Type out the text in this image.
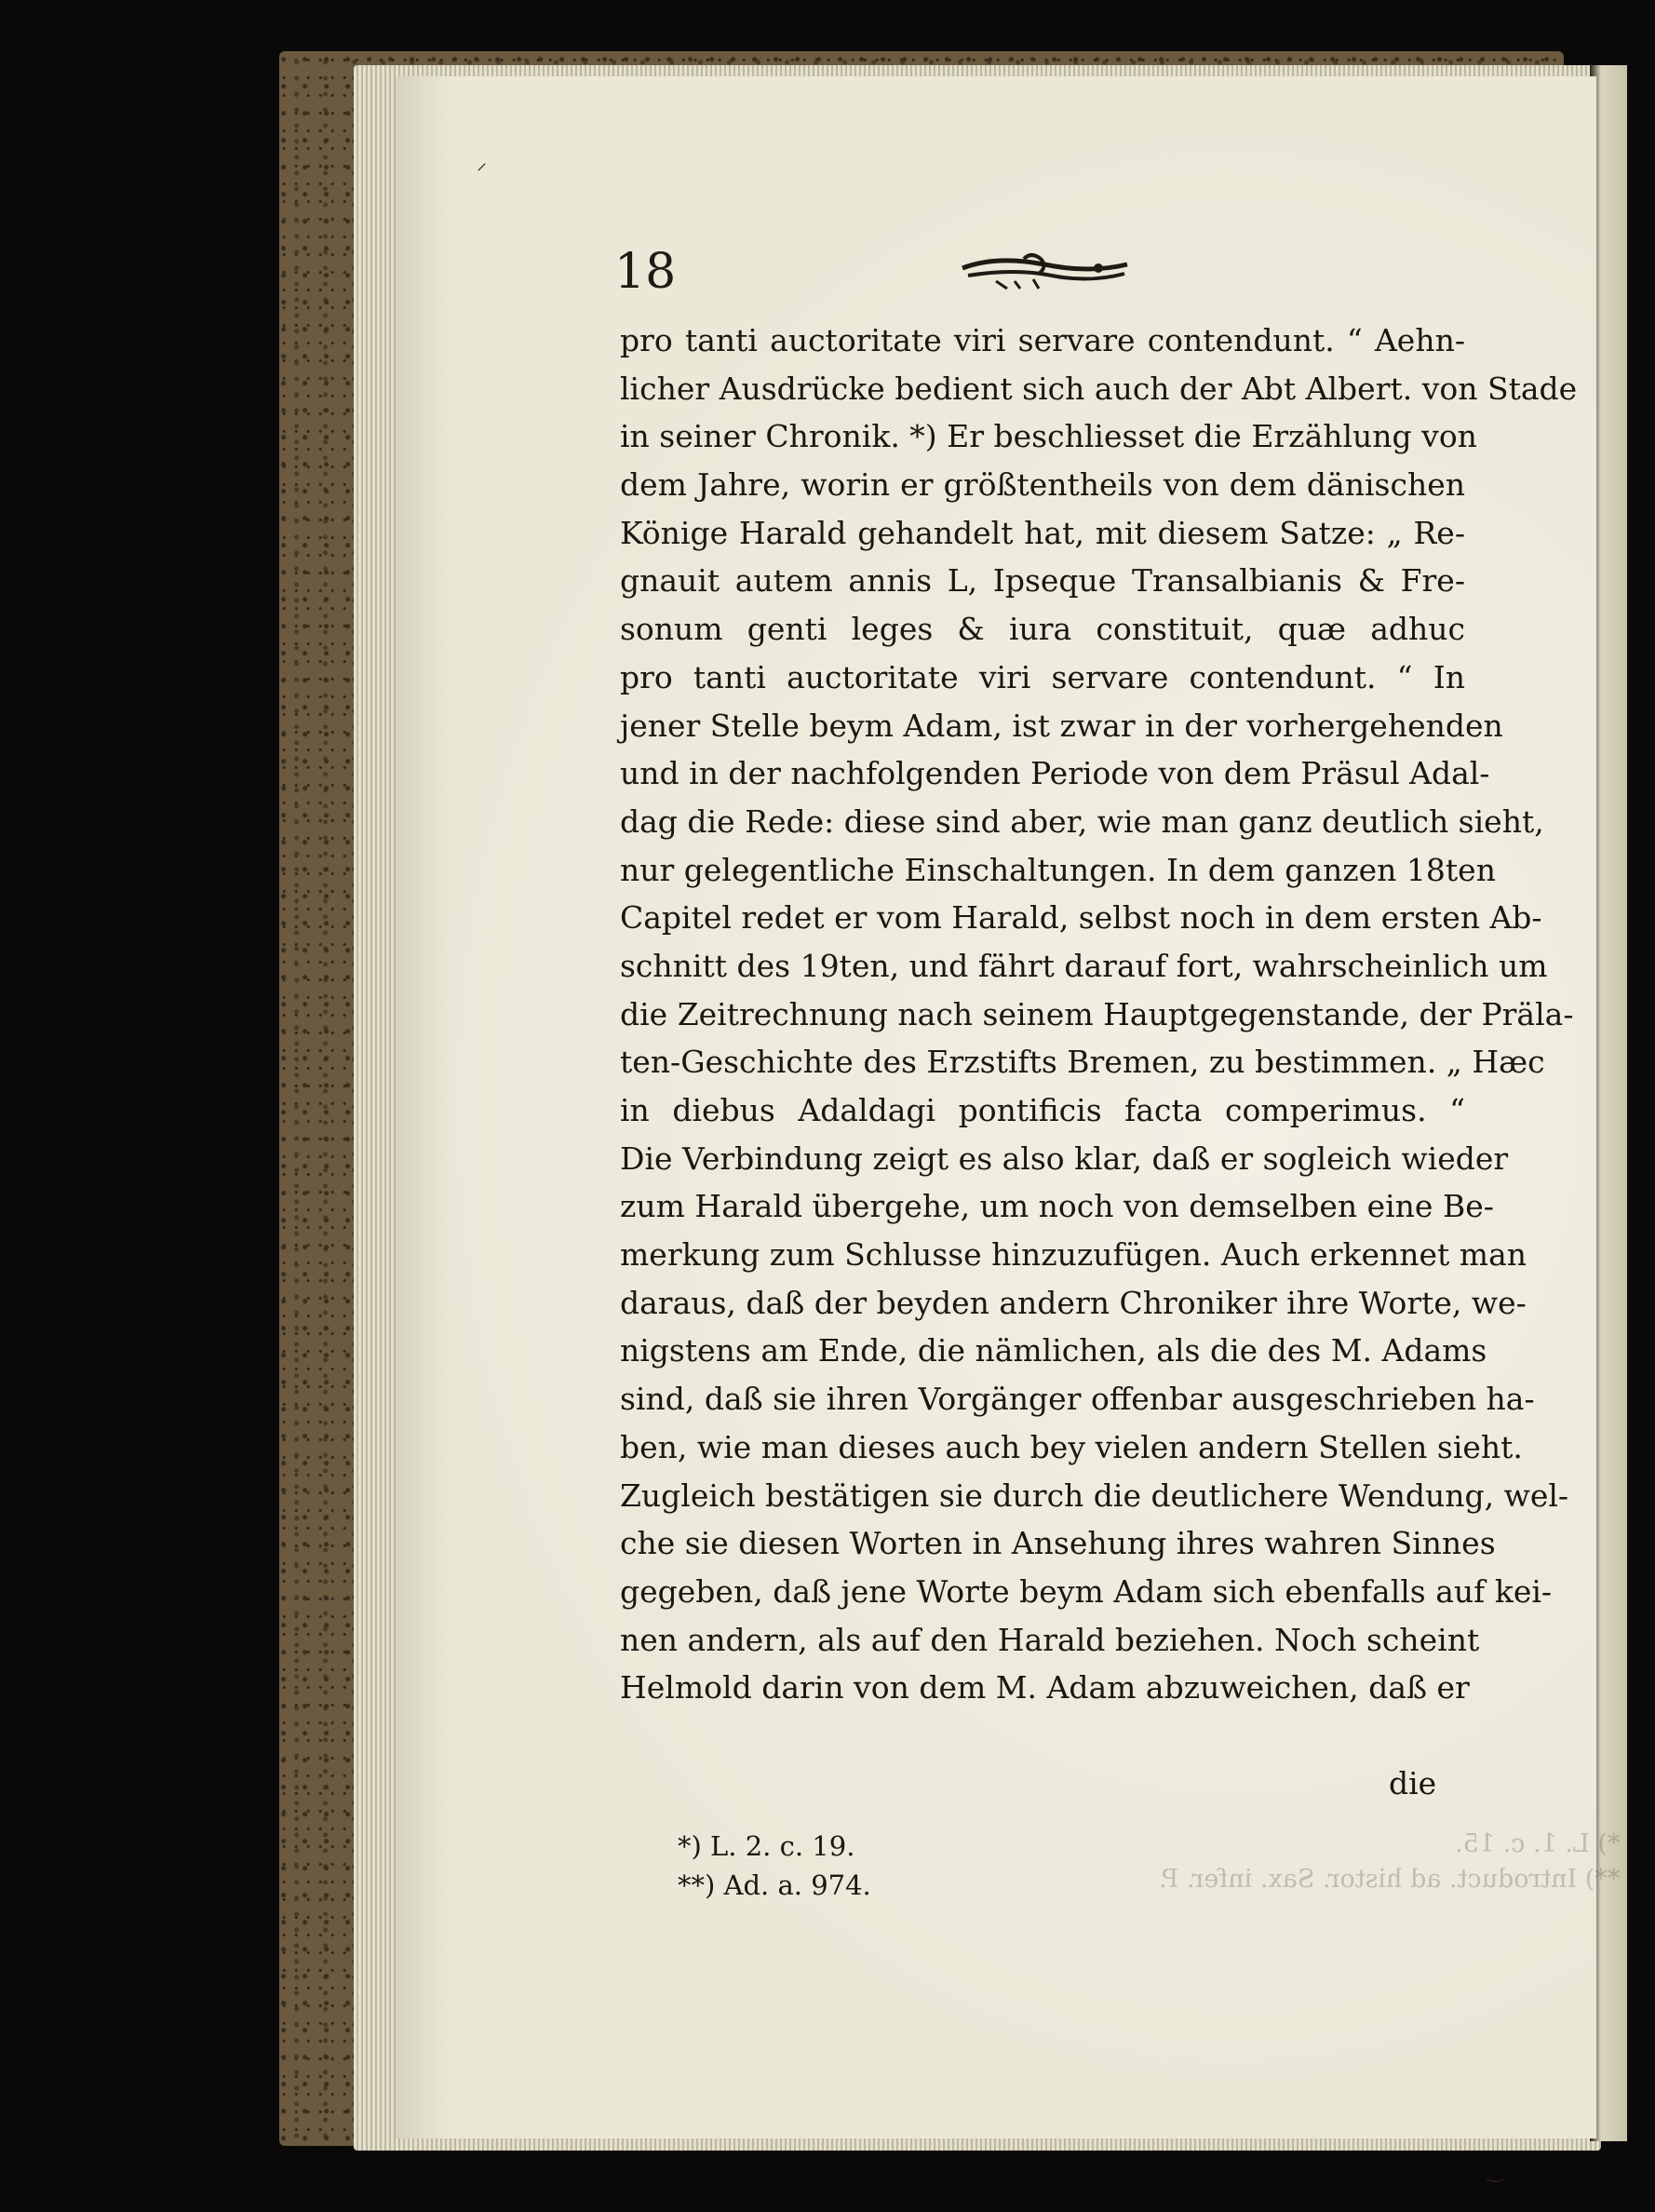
*) L. 1. c. 15.
**) Introduct. ad histor. Sax. infer. P.
18
pro tanti auctoritate viri servare contendunt. “ Aehn-
licher Ausdrücke bedient sich auch der Abt Albert. von Stade
in seiner Chronik. *) Er beschliesset die Erzählung von
dem Jahre, worin er größtentheils von dem dänischen
Könige Harald gehandelt hat, mit diesem Satze: „ Re-
gnauit autem annis L, Ipseque Transalbianis & Fre-
sonum genti leges & iura constituit, quæ adhuc
pro tanti auctoritate viri servare contendunt. “ In
jener Stelle beym Adam, ist zwar in der vorhergehenden
und in der nachfolgenden Periode von dem Präsul Adal-
dag die Rede: diese sind aber, wie man ganz deutlich sieht,
nur gelegentliche Einschaltungen. In dem ganzen 18ten
Capitel redet er vom Harald, selbst noch in dem ersten Ab-
schnitt des 19ten, und fährt darauf fort, wahrscheinlich um
die Zeitrechnung nach seinem Hauptgegenstande, der Präla-
ten-Geschichte des Erzstifts Bremen, zu bestimmen. „ Hæc
in diebus Adaldagi pontificis facta comperimus. “
Die Verbindung zeigt es also klar, daß er sogleich wieder
zum Harald übergehe, um noch von demselben eine Be-
merkung zum Schlusse hinzuzufügen. Auch erkennet man
daraus, daß der beyden andern Chroniker ihre Worte, we-
nigstens am Ende, die nämlichen, als die des M. Adams
sind, daß sie ihren Vorgänger offenbar ausgeschrieben ha-
ben, wie man dieses auch bey vielen andern Stellen sieht.
Zugleich bestätigen sie durch die deutlichere Wendung, wel-
che sie diesen Worten in Ansehung ihres wahren Sinnes
gegeben, daß jene Worte beym Adam sich ebenfalls auf kei-
nen andern, als auf den Harald beziehen. Noch scheint
Helmold darin von dem M. Adam abzuweichen, daß er
die
*) L. 2. c. 19.
**) Ad. a. 974.
⸍
‿
